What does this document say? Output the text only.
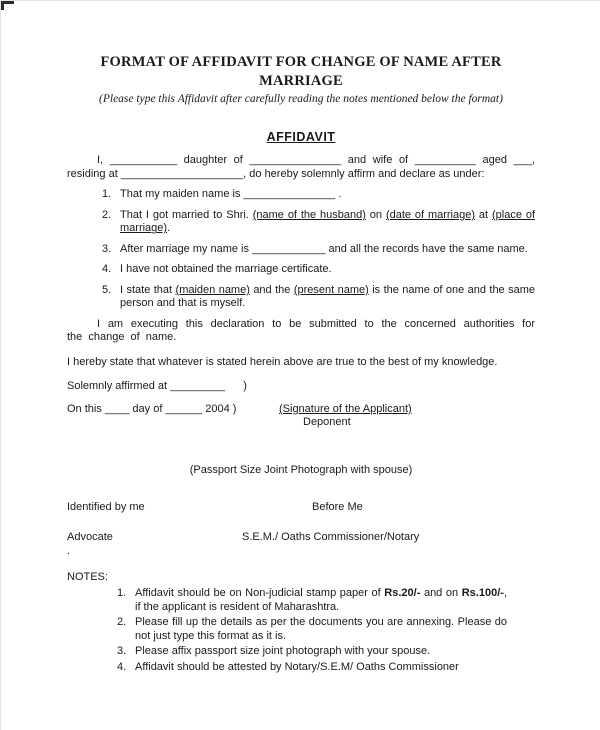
FORMAT OF AFFIDAVIT FOR CHANGE OF NAME AFTER MARRIAGE
(Please type this Affidavit after carefully reading the notes mentioned below the format)
AFFIDAVIT
I, ___________ daughter of _______________ and wife of __________ aged ___, residing at ____________________, do hereby solemnly affirm and declare as under:
1. That my maiden name is _______________ .
2. That I got married to Shri. (name of the husband) on (date of marriage) at (place of marriage).
3. After marriage my name is ____________ and all the records have the same name.
4. I have not obtained the marriage certificate.
5. I state that (maiden name) and the (present name) is the name of one and the same person and that is myself.
I am executing this declaration to be submitted to the concerned authorities for the change of name.
I hereby state that whatever is stated herein above are true to the best of my knowledge.
Solemnly affirmed at _________ )
On this ____ day of ______ 2004 )	(Signature of the Applicant)
Deponent
(Passport Size Joint Photograph with spouse)
Identified by me	Before Me
Advocate	S.E.M./ Oaths Commissioner/Notary
.
NOTES:
1. Affidavit should be on Non-judicial stamp paper of Rs.20/- and on Rs.100/-, if the applicant is resident of Maharashtra.
2. Please fill up the details as per the documents you are annexing. Please do not just type this format as it is.
3. Please affix passport size joint photograph with your spouse.
4. Affidavit should be attested by Notary/S.E.M/ Oaths Commissioner
